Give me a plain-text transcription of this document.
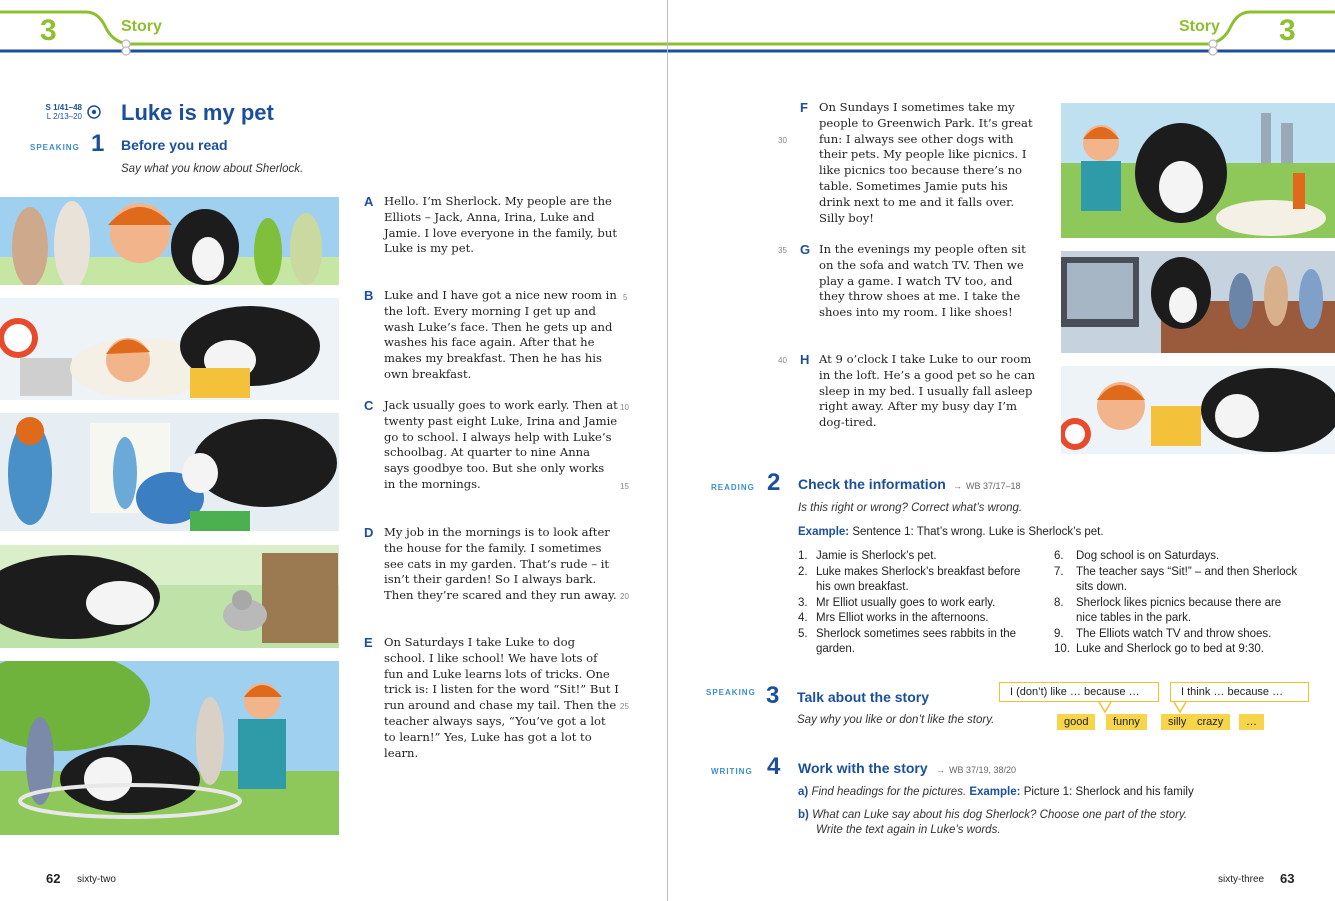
3	Story
S 1/41–48
L 2/13–20 Luke is my pet
SPEAKING 1 Before you read
Say what you know about Sherlock.
A Hello. I’m Sherlock. My people are the Elliots – Jack, Anna, Irina, Luke and Jamie. I love everyone in the family, but Luke is my pet.
B Luke and I have got a nice new room in the loft. Every morning I get up and wash Luke’s face. Then he gets up and washes his face again. After that he makes my breakfast. Then he has his own breakfast.
5
C Jack usually goes to work early. Then at twenty past eight Luke, Irina and Jamie go to school. I always help with Luke’s schoolbag. At quarter to nine Anna says goodbye too. But she only works in the mornings.
10
15
D My job in the mornings is to look after the house for the family. I sometimes see cats in my garden. That’s rude – it isn’t their garden! So I always bark. Then they’re scared and they run away. 20
E On Saturdays I take Luke to dog school. I like school! We have lots of fun and Luke learns lots of tricks. One trick is: I listen for the word “Sit!” But I run around and chase my tail. Then the teacher always says, “You’ve got a lot to learn!” Yes, Luke has got a lot to learn.
25
62 sixty-two
Story 3
F On Sundays I sometimes take my people to Greenwich Park. It’s great fun: I always see other dogs with their pets. My people like picnics. I like picnics too because there’s no table. Sometimes Jamie puts his drink next to me and it falls over. Silly boy!
30
G In the evenings my people often sit on the sofa and watch TV. Then we play a game. I watch TV too, and they throw shoes at me. I take the shoes into my room. I like shoes!
35
H At 9 o’clock I take Luke to our room in the loft. He’s a good pet so he can sleep in my bed. I usually fall asleep right away. After my busy day I’m dog-tired.
40
READING 2 Check the information → WB 37/17–18
Is this right or wrong? Correct what’s wrong.
Example: Sentence 1: That’s wrong. Luke is Sherlock’s pet.
1. Jamie is Sherlock’s pet.
2. Luke makes Sherlock’s breakfast before his own breakfast.
3. Mr Elliot usually goes to work early.
4. Mrs Elliot works in the afternoons.
5. Sherlock sometimes sees rabbits in the garden.
6.	Dog school is on Saturdays.
7.	The teacher says “Sit!” – and then Sherlock sits down.
8.	Sherlock likes picnics because there are nice tables in the park.
9.	The Elliots watch TV and throw shoes.
10. Luke and Sherlock go to bed at 9:30.
SPEAKING 3 Talk about the story
Say why you like or don’t like the story.
I (don’t) like … because …	I think … because …
good	funny	silly crazy	…
WRITING 4 Work with the story → WB 37/19, 38/20
a) Find headings for the pictures. Example: Picture 1: Sherlock and his family
b) What can Luke say about his dog Sherlock? Choose one part of the story.
Write the text again in Luke’s words.
sixty-three 63
